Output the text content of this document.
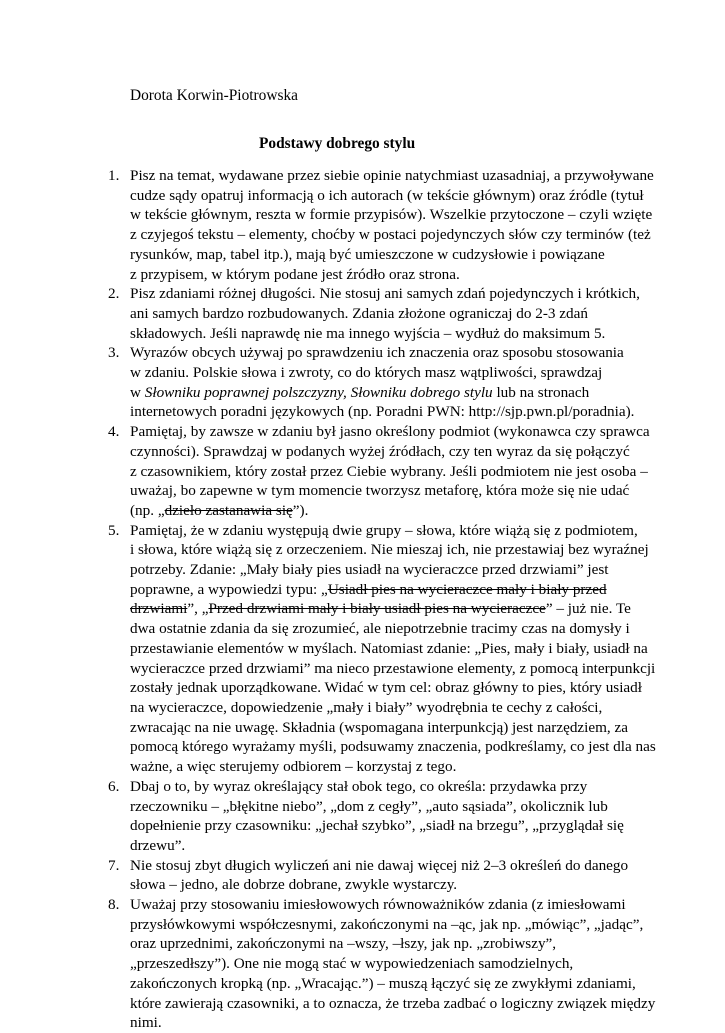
Dorota Korwin-Piotrowska
Podstawy dobrego stylu
1. Pisz na temat, wydawane przez siebie opinie natychmiast uzasadniaj, a przywoływane
cudze sądy opatruj informacją o ich autorach (w tekście głównym) oraz źródle (tytuł
w tekście głównym, reszta w formie przypisów). Wszelkie przytoczone – czyli wzięte
z czyjegoś tekstu – elementy, choćby w postaci pojedynczych słów czy terminów (też
rysunków, map, tabel itp.), mają być umieszczone w cudzysłowie i powiązane
z przypisem, w którym podane jest źródło oraz strona.
2. Pisz zdaniami różnej długości. Nie stosuj ani samych zdań pojedynczych i krótkich,
ani samych bardzo rozbudowanych. Zdania złożone ograniczaj do 2-3 zdań
składowych. Jeśli naprawdę nie ma innego wyjścia – wydłuż do maksimum 5.
3. Wyrazów obcych używaj po sprawdzeniu ich znaczenia oraz sposobu stosowania
w zdaniu. Polskie słowa i zwroty, co do których masz wątpliwości, sprawdzaj
w Słowniku poprawnej polszczyzny, Słowniku dobrego stylu lub na stronach
internetowych poradni językowych (np. Poradni PWN: http://sjp.pwn.pl/poradnia).
4. Pamiętaj, by zawsze w zdaniu był jasno określony podmiot (wykonawca czy sprawca
czynności). Sprawdzaj w podanych wyżej źródłach, czy ten wyraz da się połączyć
z czasownikiem, który został przez Ciebie wybrany. Jeśli podmiotem nie jest osoba –
uważaj, bo zapewne w tym momencie tworzysz metaforę, która może się nie udać
(np. „dzieło zastanawia się”).
5. Pamiętaj, że w zdaniu występują dwie grupy – słowa, które wiążą się z podmiotem,
i słowa, które wiążą się z orzeczeniem. Nie mieszaj ich, nie przestawiaj bez wyraźnej
potrzeby. Zdanie: „Mały biały pies usiadł na wycieraczce przed drzwiami” jest
poprawne, a wypowiedzi typu: „Usiadł pies na wycieraczce mały i biały przed
drzwiami”, „Przed drzwiami mały i biały usiadł pies na wycieraczce” – już nie. Te
dwa ostatnie zdania da się zrozumieć, ale niepotrzebnie tracimy czas na domysły i
przestawianie elementów w myślach. Natomiast zdanie: „Pies, mały i biały, usiadł na
wycieraczce przed drzwiami” ma nieco przestawione elementy, z pomocą interpunkcji
zostały jednak uporządkowane. Widać w tym cel: obraz główny to pies, który usiadł
na wycieraczce, dopowiedzenie „mały i biały” wyodrębnia te cechy z całości,
zwracając na nie uwagę. Składnia (wspomagana interpunkcją) jest narzędziem, za
pomocą którego wyrażamy myśli, podsuwamy znaczenia, podkreślamy, co jest dla nas
ważne, a więc sterujemy odbiorem – korzystaj z tego.
6. Dbaj o to, by wyraz określający stał obok tego, co określa: przydawka przy
rzeczowniku – „błękitne niebo”, „dom z cegły”, „auto sąsiada”, okolicznik lub
dopełnienie przy czasowniku: „jechał szybko”, „siadł na brzegu”, „przyglądał się
drzewu”.
7. Nie stosuj zbyt długich wyliczeń ani nie dawaj więcej niż 2–3 określeń do danego
słowa – jedno, ale dobrze dobrane, zwykle wystarczy.
8. Uważaj przy stosowaniu imiesłowowych równoważników zdania (z imiesłowami
przysłówkowymi współczesnymi, zakończonymi na –ąc, jak np. „mówiąc”, „jadąc”,
oraz uprzednimi, zakończonymi na –wszy, –łszy, jak np. „zrobiwszy”,
„przeszedłszy”). One nie mogą stać w wypowiedzeniach samodzielnych,
zakończonych kropką (np. „Wracając.”) – muszą łączyć się ze zwykłymi zdaniami,
które zawierają czasowniki, a to oznacza, że trzeba zadbać o logiczny związek między
nimi.
